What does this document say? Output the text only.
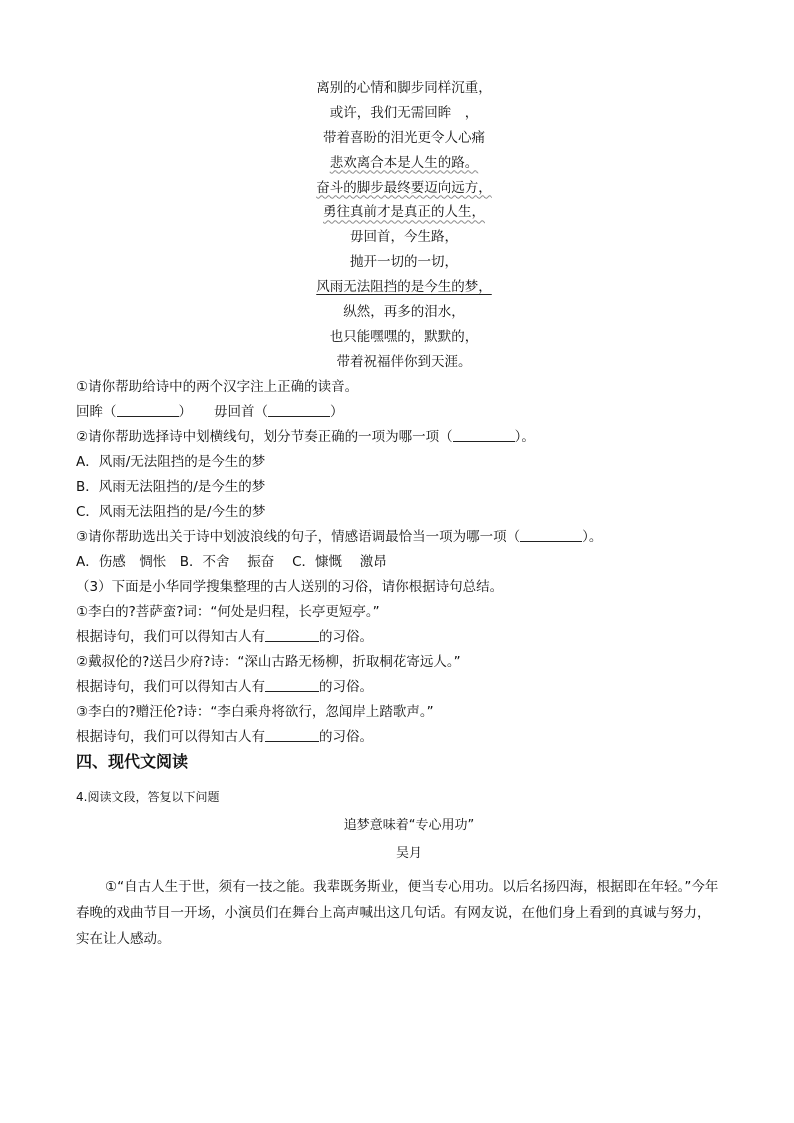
离别的心情和脚步同样沉重，
或许，我们无需回眸　，
带着喜盼的泪光更令人心痛
悲欢离合本是人生的路。
奋斗的脚步最终要迈向远方，
勇往真前才是真正的人生，
毋回首，今生路，
抛开一切的一切，
风雨无法阻挡的是今生的梦，
纵然，再多的泪水，
也只能嘿嘿的，默默的，
带着祝福伴你到天涯。
①请你帮助给诗中的两个汉字注上正确的读音。
回眸（	） 毋回首（	）
②请你帮助选择诗中划横线句，划分节奏正确的一项为哪一项（	）。
A．风雨/无法阻挡的是今生的梦
B．风雨无法阻挡的/是今生的梦
C．风雨无法阻挡的是/今生的梦
③请你帮助选出关于诗中划波浪线的句子，情感语调最恰当一项为哪一项（	）。
A．伤感　惆怅　B．不舍　 振奋　 C．慷慨　 激昂
（3）下面是小华同学搜集整理的古人送别的习俗，请你根据诗句总结。
①李白的?菩萨蛮?词：“何处是归程，长亭更短亭。”
根据诗句，我们可以得知古人有	的习俗。
②戴叔伦的?送吕少府?诗：“深山古路无杨柳，折取桐花寄远人。”
根据诗句，我们可以得知古人有	的习俗。
③李白的?赠汪伦?诗：“李白乘舟将欲行，忽闻岸上踏歌声。”
根据诗句，我们可以得知古人有	的习俗。
四、现代文阅读
4.阅读文段，答复以下问题
追梦意味着“专心用功”
吴月
①“自古人生于世，须有一技之能。我辈既务斯业，便当专心用功。以后名扬四海，根据即在年轻。”今年春晚的戏曲节目一开场，小演员们在舞台上高声喊出这几句话。有网友说，在他们身上看到的真诚与努力，实在让人感动。
